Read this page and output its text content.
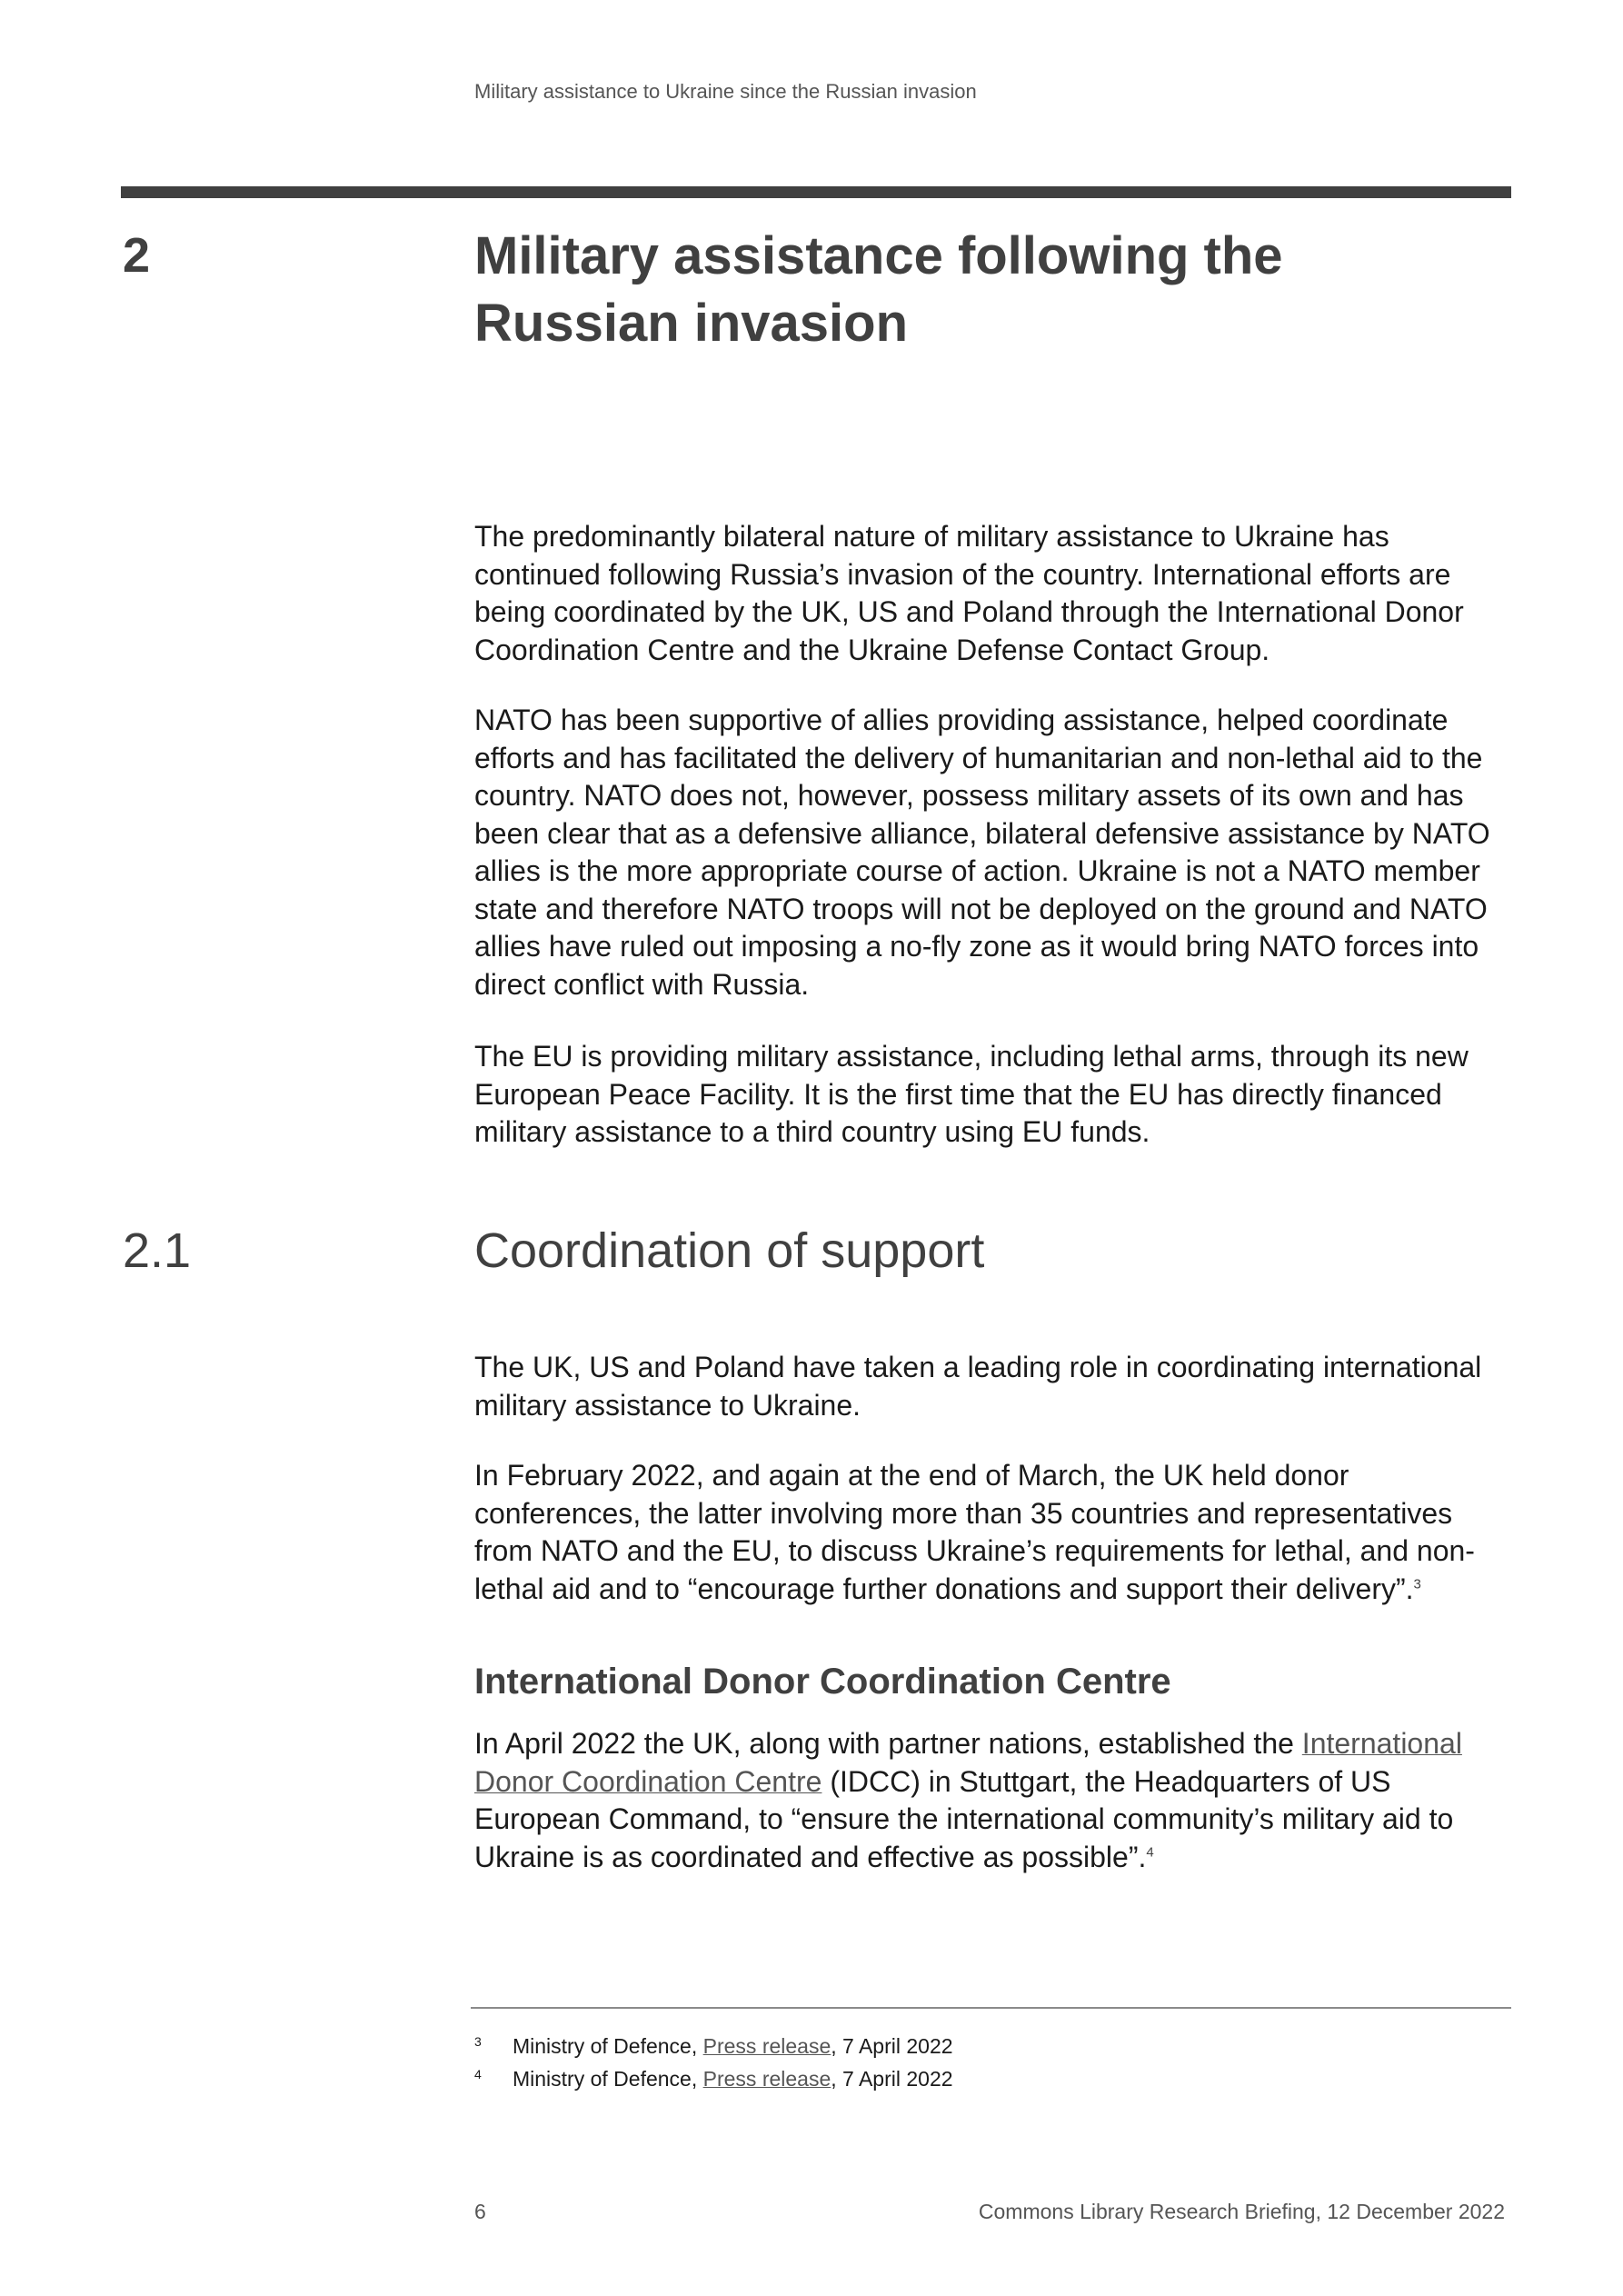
Military assistance to Ukraine since the Russian invasion
2	Military assistance following the
Russian invasion

The predominantly bilateral nature of military assistance to Ukraine has continued following Russia’s invasion of the country. International efforts are being coordinated by the UK, US and Poland through the International Donor Coordination Centre and the Ukraine Defense Contact Group.

NATO has been supportive of allies providing assistance, helped coordinate efforts and has facilitated the delivery of humanitarian and non-lethal aid to the country. NATO does not, however, possess military assets of its own and has been clear that as a defensive alliance, bilateral defensive assistance by NATO allies is the more appropriate course of action. Ukraine is not a NATO member state and therefore NATO troops will not be deployed on the ground and NATO allies have ruled out imposing a no-fly zone as it would bring NATO forces into direct conflict with Russia.

The EU is providing military assistance, including lethal arms, through its new European Peace Facility. It is the first time that the EU has directly financed military assistance to a third country using EU funds.

2.1	Coordination of support

The UK, US and Poland have taken a leading role in coordinating international military assistance to Ukraine.

In February 2022, and again at the end of March, the UK held donor conferences, the latter involving more than 35 countries and representatives from NATO and the EU, to discuss Ukraine’s requirements for lethal, and non-lethal aid and to “encourage further donations and support their delivery”.$^3$

International Donor Coordination Centre

In April 2022 the UK, along with partner nations, established the International Donor Coordination Centre (IDCC) in Stuttgart, the Headquarters of US European Command, to “ensure the international community’s military aid to Ukraine is as coordinated and effective as possible”.$^4$

3 Ministry of Defence, Press release, 7 April 2022
4 Ministry of Defence, Press release, 7 April 2022
6	Commons Library Research Briefing, 12 December 2022
